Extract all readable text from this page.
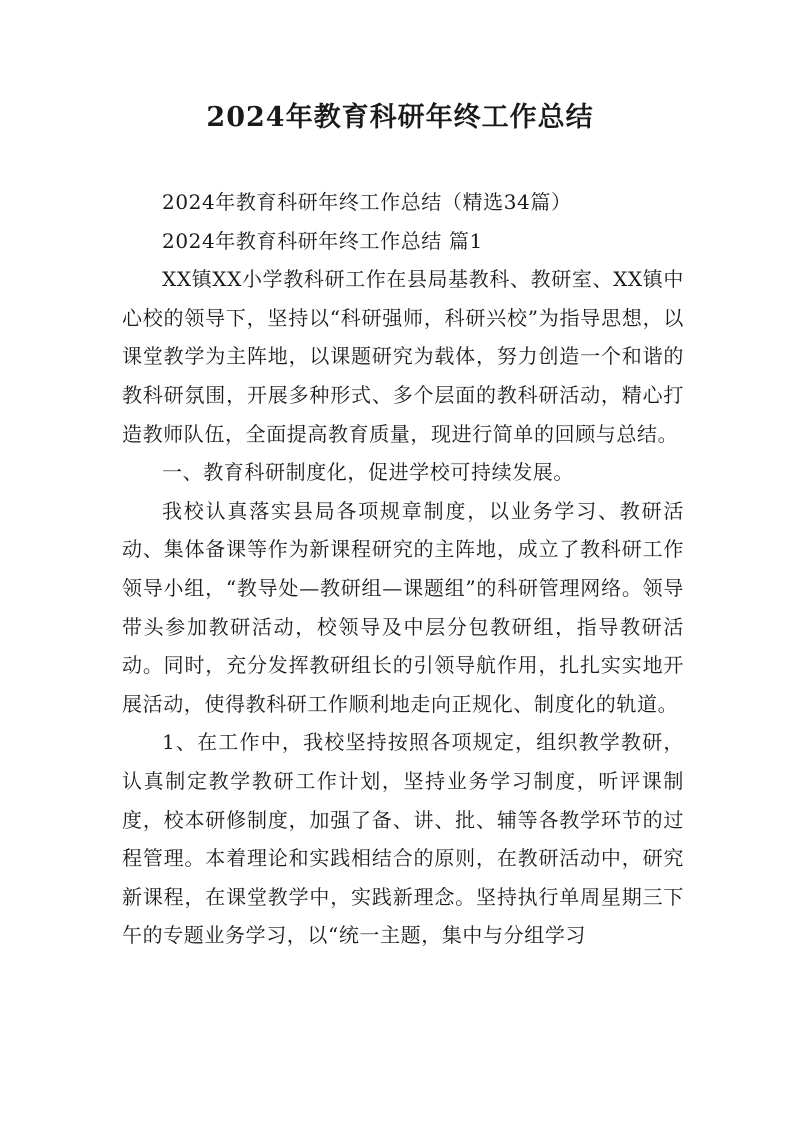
2024年教育科研年终工作总结

2024年教育科研年终工作总结（精选34篇）

2024年教育科研年终工作总结 篇1

XX镇XX小学教科研工作在县局基教科、教研室、XX镇中心校的领导下，坚持以“科研强师，科研兴校”为指导思想，以课堂教学为主阵地，以课题研究为载体，努力创造一个和谐的教科研氛围，开展多种形式、多个层面的教科研活动，精心打造教师队伍，全面提高教育质量，现进行简单的回顾与总结。

一、教育科研制度化，促进学校可持续发展。

我校认真落实县局各项规章制度，以业务学习、教研活动、集体备课等作为新课程研究的主阵地，成立了教科研工作领导小组，“教导处—教研组—课题组”的科研管理网络。领导带头参加教研活动，校领导及中层分包教研组，指导教研活动。同时，充分发挥教研组长的引领导航作用，扎扎实实地开展活动，使得教科研工作顺利地走向正规化、制度化的轨道。

1、在工作中，我校坚持按照各项规定，组织教学教研，认真制定教学教研工作计划，坚持业务学习制度，听评课制度，校本研修制度，加强了备、讲、批、辅等各教学环节的过程管理。本着理论和实践相结合的原则，在教研活动中，研究新课程，在课堂教学中，实践新理念。坚持执行单周星期三下午的专题业务学习，以“统一主题，集中与分组学习
